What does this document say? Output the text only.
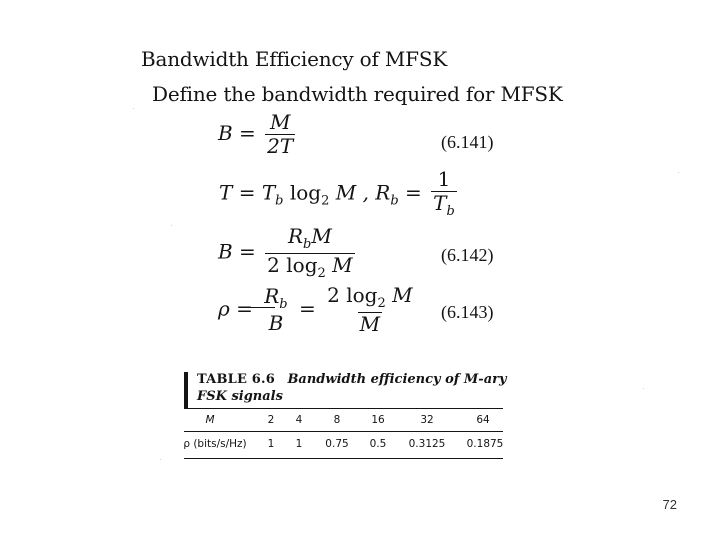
Bandwidth Efficiency of MFSK
Define the bandwidth required for MFSK
$B = \frac{M}{2T}$	(6.141)
$T = T_b$ $\log_2 M$ , $R_b = \frac{1}{T_b}$
$B = \frac{R_bM}{2 \log_2 M}$	(6.142)
ρ =
$R_b$
B
= $\frac{2 \log_2 M}{M} (6.143)$
TABLE 6.6 Bandwidth efficiency of M-ary
FSK signals
M	2 4	8	16	32	64
ρ (bits/s/Hz) 1 1 0.75 0.5 0.3125 0.1875
72
